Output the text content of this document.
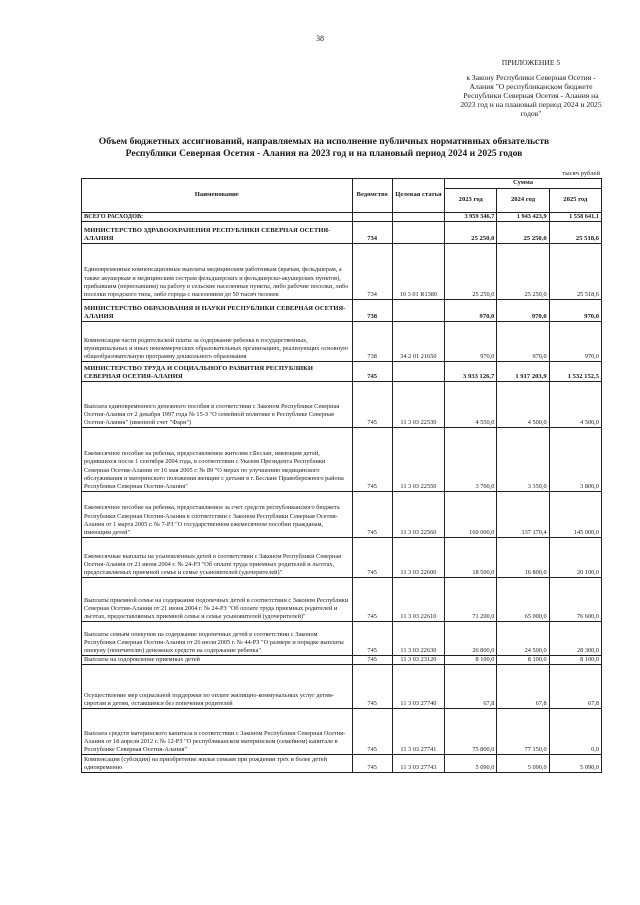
38
ПРИЛОЖЕНИЕ 5
к Закону Республики Северная Осетия - Алания "О республиканском бюджете Республики Северная Осетия - Алания на 2023 год и на плановый период 2024 и 2025 годов"
Объем бюджетных ассигнований, направляемых на исполнение публичных нормативных обязательств Республики Северная Осетия - Алания на 2023 год и на плановый период 2024 и 2025 годов
тысяч рублей
Наименование	Ведомство	Целевая статья	Сумма		
			2023 год	2024 год	2025 год
ВСЕГО РАСХОДОВ:			3 959 346,7	1 943 423,9	1 558 641,1
МИНИСТЕРСТВО ЗДРАВООХРАНЕНИЯ РЕСПУБЛИКИ СЕВЕРНАЯ ОСЕТИЯ-АЛАНИЯ	734		25 250,0	25 250,0	25 518,6
Единовременные компенсационные выплаты медицинским работникам (врачам, фельдшерам, а также акушеркам и медицинским сестрам фельдшерских и фельдшерско-акушерских пунктов), прибывшим (переехавшим) на работу в сельские населенные пункты, либо рабочие поселки, либо поселки городского типа, либо города с населением до 50 тысяч человек	734	10 3 01 R1380	25 250,0	25 250,0	25 518,6
МИНИСТЕРСТВО ОБРАЗОВАНИЯ И НАУКИ РЕСПУБЛИКИ СЕВЕРНАЯ ОСЕТИЯ-АЛАНИЯ	738		970,0	970,0	970,0
Компенсация части родительской платы за содержание ребенка в государственных, муниципальных и иных некоммерческих образовательных организациях, реализующих основную общеобразовательную программу дошкольного образования	738	34 2 01 21650	970,0	970,0	970,0
МИНИСТЕРСТВО ТРУДА И СОЦИАЛЬНОГО РАЗВИТИЯ РЕСПУБЛИКИ СЕВЕРНАЯ ОСЕТИЯ-АЛАНИЯ	745		3 933 126,7	1 917 203,9	1 532 152,5
Выплата единовременного денежного пособия в соответствии с Законом Республики Северная Осетия-Алания от 2 декабря 1997 года № 15-З "О семейной политике в Республике Северная Осетия-Алания" (именной счет "Фарн")	745	11 3 03 22530	4 550,0	4 500,0	4 500,0
Ежемесячное пособие на ребенка, предоставляемое жителям г.Беслан, имеющим детей, родившихся после 1 сентября 2004 года, в соответствии с Указом Президента Республики Северная Осетия-Алания от 16 мая 2005 г. № 89 "О мерах по улучшению медицинского обслуживания и материнского положения женщин с детьми в г. Беслане Правобережного района Республики Северная Осетия-Алания"	745	11 3 03 22550	3 700,0	3 350,0	3 800,0
Ежемесячное пособие на ребенка, предоставляемое за счет средств республиканского бюджета Республики Северная Осетия-Алания в соответствии с Законом Республики Северная Осетия-Алания от 1 марта 2005 г. № 7-РЗ "О государственном ежемесячном пособии гражданам, имеющим детей"	745	11 3 03 22560	160 000,0	137 170,4	145 000,0
Ежемесячные выплаты на усыновленных детей в соответствии с Законом Республики Северная Осетия-Алания от 21 июня 2004 г. № 24-РЗ "Об оплате труда приемных родителей и льготах, предоставляемых приемной семье и семье усыновителей (удочерителей)"	745	11 3 03 22600	18 500,0	16 800,0	20 100,0
Выплаты приемной семье на содержание подопечных детей в соответствии с Законом Республики Северная Осетия-Алания от 21 июня 2004 г. № 24-РЗ "Об оплате труда приемных родителей и льготах, предоставляемых приемной семье и семье усыновителей (удочерителей)"	745	11 3 03 22610	71 200,0	65 000,0	76 600,0
Выплаты семьям опекунов на содержание подопечных детей в соответствии с Законом Республики Северная Осетия-Алания от 26 июля 2005 г. № 44-РЗ "О размере и порядке выплаты опекуну (попечителю) денежных средств на содержание ребенка"	745	11 3 03 22630	26 800,0	24 500,0	28 300,0
Выплаты на оздоровление приемных детей	745	11 3 03 23120	8 100,0	8 100,0	8 100,0
Осуществление мер социальной поддержки по оплате жилищно-коммунальных услуг детям-сиротам и детям, оставшимся без попечения родителей	745	11 3 03 27740	67,8	67,8	67,8
Выплата средств материнского капитала в соответствии с Законом Республики Северная Осетия-Алания от 18 апреля 2012 г. № 12-РЗ "О республиканском материнском (семейном) капитале в Республике Северная Осетия-Алания"	745	11 3 03 27741	75 800,0	77 150,0	0,0
Компенсация (субсидия) на приобретение жилья семьям при рождении трех и более детей одновременно	745	11 3 03 27743	5 090,0	5 090,0	5 090,0
